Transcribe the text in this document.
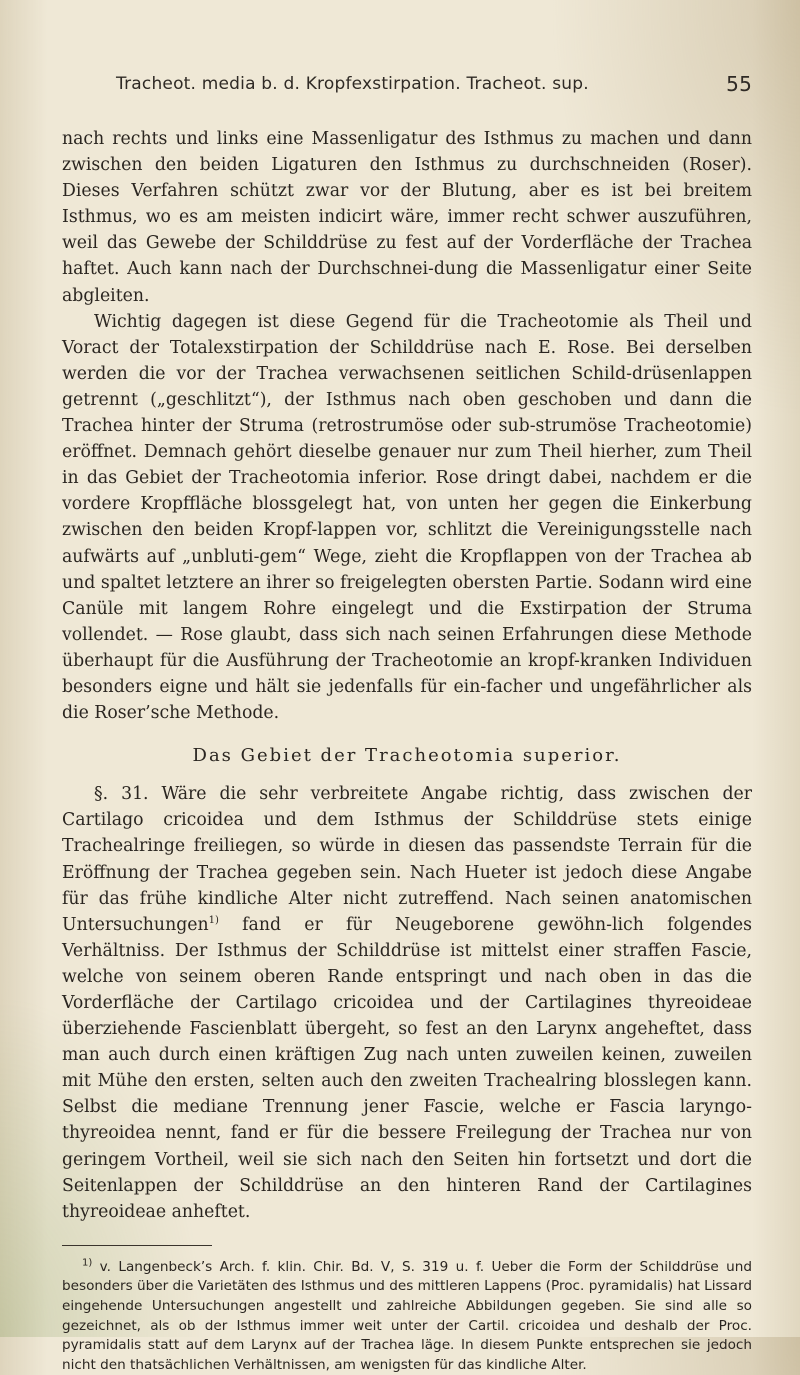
Tracheot. media b. d. Kropfexstirpation. Tracheot. sup.	55

nach rechts und links eine Massenligatur des Isthmus zu machen und dann zwischen den beiden Ligaturen den Isthmus zu durchschneiden (Roser). Dieses Verfahren schützt zwar vor der Blutung, aber es ist bei breitem Isthmus, wo es am meisten indicirt wäre, immer recht schwer auszuführen, weil das Gewebe der Schilddrüse zu fest auf der Vorderfläche der Trachea haftet. Auch kann nach der Durchschnei-dung die Massenligatur einer Seite abgleiten.

Wichtig dagegen ist diese Gegend für die Tracheotomie als Theil und Voract der Totalexstirpation der Schilddrüse nach E. Rose. Bei derselben werden die vor der Trachea verwachsenen seitlichen Schild-drüsenlappen getrennt („geschlitzt“), der Isthmus nach oben geschoben und dann die Trachea hinter der Struma (retrostrumöse oder sub-strumöse Tracheotomie) eröffnet. Demnach gehört dieselbe genauer nur zum Theil hierher, zum Theil in das Gebiet der Tracheotomia inferior. Rose dringt dabei, nachdem er die vordere Kropffläche blossgelegt hat, von unten her gegen die Einkerbung zwischen den beiden Kropf-lappen vor, schlitzt die Vereinigungsstelle nach aufwärts auf „unbluti-gem“ Wege, zieht die Kropflappen von der Trachea ab und spaltet letztere an ihrer so freigelegten obersten Partie. Sodann wird eine Canüle mit langem Rohre eingelegt und die Exstirpation der Struma vollendet. — Rose glaubt, dass sich nach seinen Erfahrungen diese Methode überhaupt für die Ausführung der Tracheotomie an kropf-kranken Individuen besonders eigne und hält sie jedenfalls für ein-facher und ungefährlicher als die Roser’sche Methode.

Das Gebiet der Tracheotomia superior.

§. 31. Wäre die sehr verbreitete Angabe richtig, dass zwischen der Cartilago cricoidea und dem Isthmus der Schilddrüse stets einige Trachealringe freiliegen, so würde in diesen das passendste Terrain für die Eröffnung der Trachea gegeben sein. Nach Hueter ist jedoch diese Angabe für das frühe kindliche Alter nicht zutreffend. Nach seinen anatomischen Untersuchungen$^{1)}$ fand er für Neugeborene gewöhn-lich folgendes Verhältniss. Der Isthmus der Schilddrüse ist mittelst einer straffen Fascie, welche von seinem oberen Rande entspringt und nach oben in das die Vorderfläche der Cartilago cricoidea und der Cartilagines thyreoideae überziehende Fascienblatt übergeht, so fest an den Larynx angeheftet, dass man auch durch einen kräftigen Zug nach unten zuweilen keinen, zuweilen mit Mühe den ersten, selten auch den zweiten Trachealring blosslegen kann. Selbst die mediane Trennung jener Fascie, welche er Fascia laryngo-thyreoidea nennt, fand er für die bessere Freilegung der Trachea nur von geringem Vortheil, weil sie sich nach den Seiten hin fortsetzt und dort die Seitenlappen der Schilddrüse an den hinteren Rand der Cartilagines thyreoideae anheftet.

$^{1)}$ v. Langenbeck’s Arch. f. klin. Chir. Bd. V, S. 319 u. f. Ueber die Form der Schilddrüse und besonders über die Varietäten des Isthmus und des mittleren Lappens (Proc. pyramidalis) hat Lissard eingehende Untersuchungen angestellt und zahlreiche Abbildungen gegeben. Sie sind alle so gezeichnet, als ob der Isthmus immer weit unter der Cartil. cricoidea und deshalb der Proc. pyramidalis statt auf dem Larynx auf der Trachea läge. In diesem Punkte entsprechen sie jedoch nicht den thatsächlichen Verhältnissen, am wenigsten für das kindliche Alter.
